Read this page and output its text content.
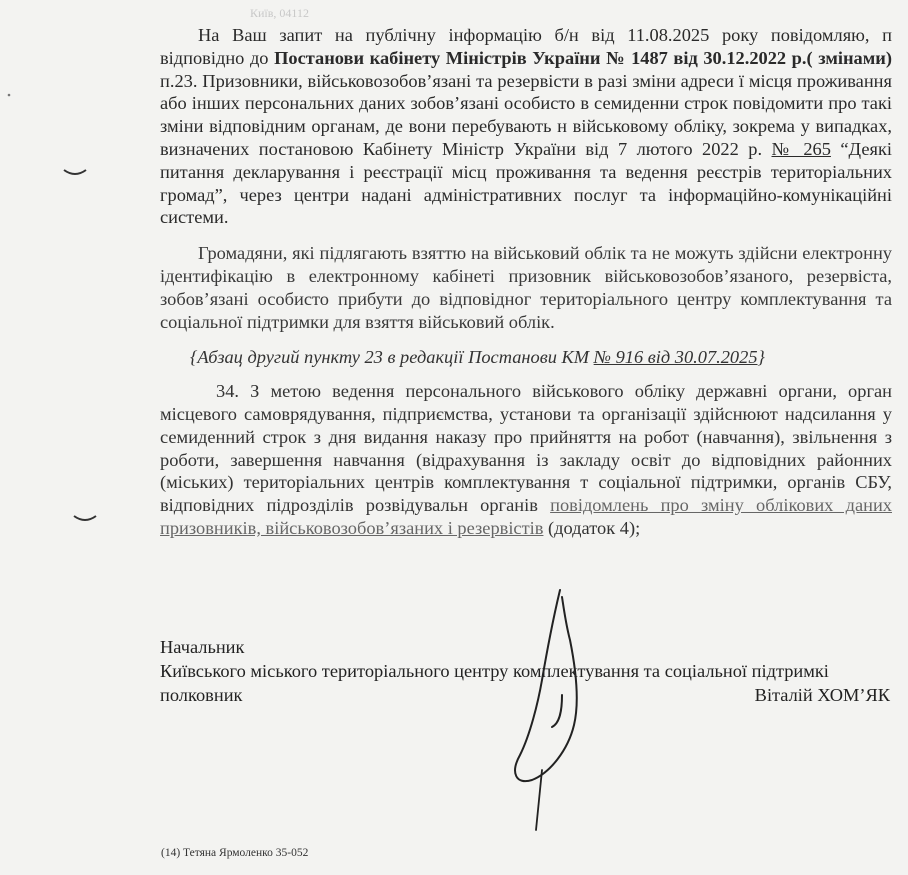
Київ, 04112

На Ваш запит на публічну інформацію б/н від 11.08.2025 року повідомляю, п відповідно до Постанови кабінету Міністрів України № 1487 від 30.12.2022 р.( змінами) п.23. Призовники, військовозобов’язані та резервісти в разі зміни адреси ї місця проживання або інших персональних даних зобов’язані особисто в семиденни строк повідомити про такі зміни відповідним органам, де вони перебувають н військовому обліку, зокрема у випадках, визначених постановою Кабінету Міністр України від 7 лютого 2022 р. № 265 “Деякі питання декларування і реєстрації місц проживання та ведення реєстрів територіальних громад”, через центри надані адміністративних послуг та інформаційно-комунікаційні системи.

Громадяни, які підлягають взяттю на військовий облік та не можуть здійсни електронну ідентифікацію в електронному кабінеті призовник військовозобов’язаного, резервіста, зобов’язані особисто прибути до відповідног територіального центру комплектування та соціальної підтримки для взяття військовий облік.

{Абзац другий пункту 23 в редакції Постанови КМ № 916 від 30.07.2025}

34. З метою ведення персонального військового обліку державні органи, орган місцевого самоврядування, підприємства, установи та організації здійснюют надсилання у семиденний строк з дня видання наказу про прийняття на робот (навчання), звільнення з роботи, завершення навчання (відрахування із закладу освіт до відповідних районних (міських) територіальних центрів комплектування т соціальної підтримки, органів СБУ, відповідних підрозділів розвідувальн органів повідомлень про зміну облікових даних призовників, військовозобов’язаних і резервістів (додаток 4);

Начальник
Київського міського територіального центру комплектування та соціальної підтримкі
полковник	Віталій ХОМ’ЯК
(14) Тетяна Ярмоленко 35-052
